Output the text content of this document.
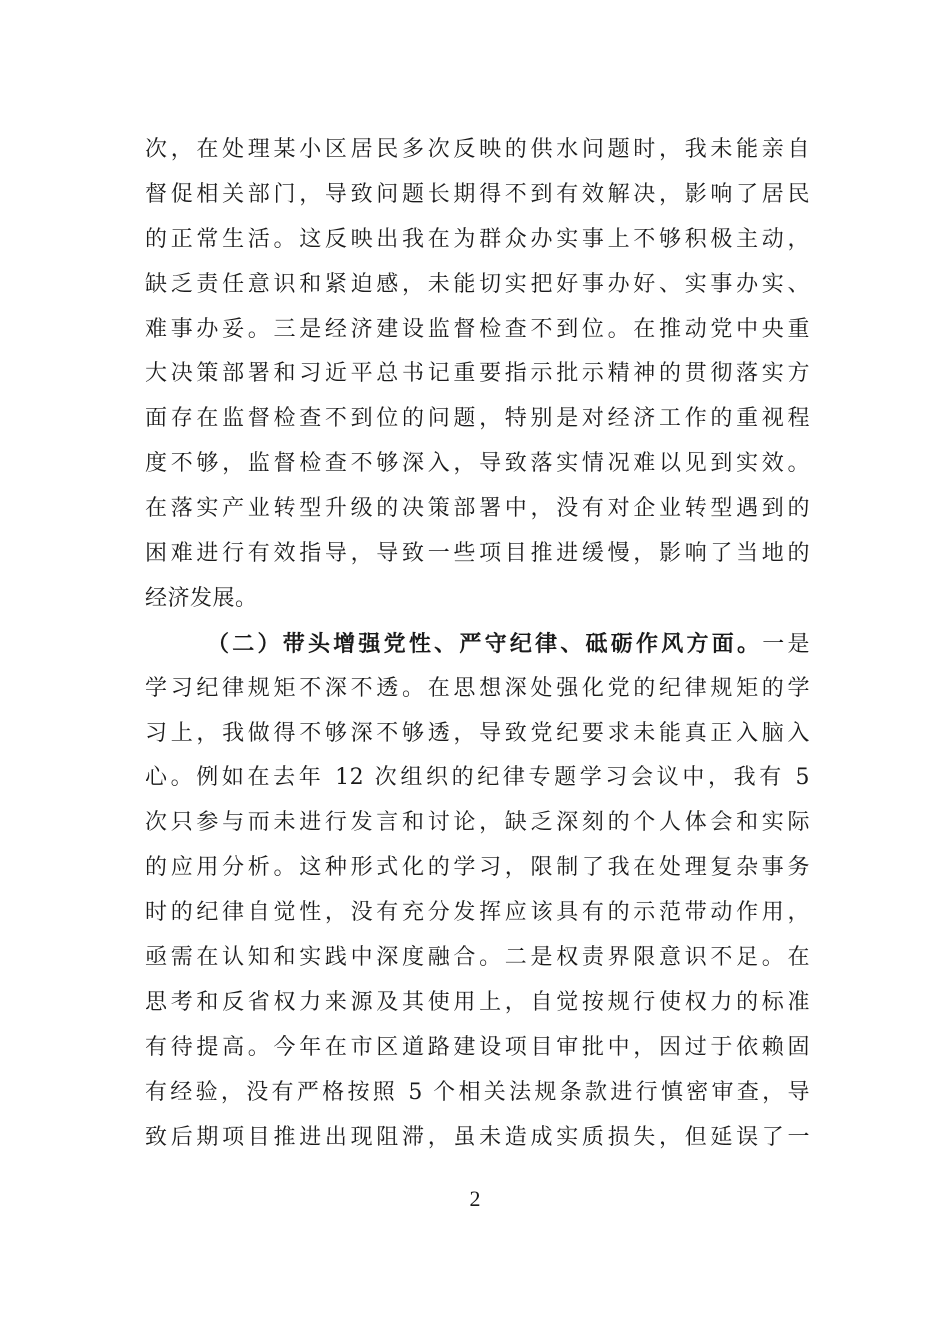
次，在处理某小区居民多次反映的供水问题时，我未能亲自
督促相关部门，导致问题长期得不到有效解决，影响了居民
的正常生活。这反映出我在为群众办实事上不够积极主动，
缺乏责任意识和紧迫感，未能切实把好事办好、实事办实、
难事办妥。三是经济建设监督检查不到位。在推动党中央重
大决策部署和习近平总书记重要指示批示精神的贯彻落实方
面存在监督检查不到位的问题，特别是对经济工作的重视程
度不够，监督检查不够深入，导致落实情况难以见到实效。
在落实产业转型升级的决策部署中，没有对企业转型遇到的
困难进行有效指导，导致一些项目推进缓慢，影响了当地的
经济发展。
（二）带头增强党性、严守纪律、砥砺作风方面。一是
学习纪律规矩不深不透。在思想深处强化党的纪律规矩的学
习上，我做得不够深不够透，导致党纪要求未能真正入脑入
心。例如在去年 12 次组织的纪律专题学习会议中，我有 5
次只参与而未进行发言和讨论，缺乏深刻的个人体会和实际
的应用分析。这种形式化的学习，限制了我在处理复杂事务
时的纪律自觉性，没有充分发挥应该具有的示范带动作用，
亟需在认知和实践中深度融合。二是权责界限意识不足。在
思考和反省权力来源及其使用上，自觉按规行使权力的标准
有待提高。今年在市区道路建设项目审批中，因过于依赖固
有经验，没有严格按照 5 个相关法规条款进行慎密审查，导
致后期项目推进出现阻滞，虽未造成实质损失，但延误了一
2
